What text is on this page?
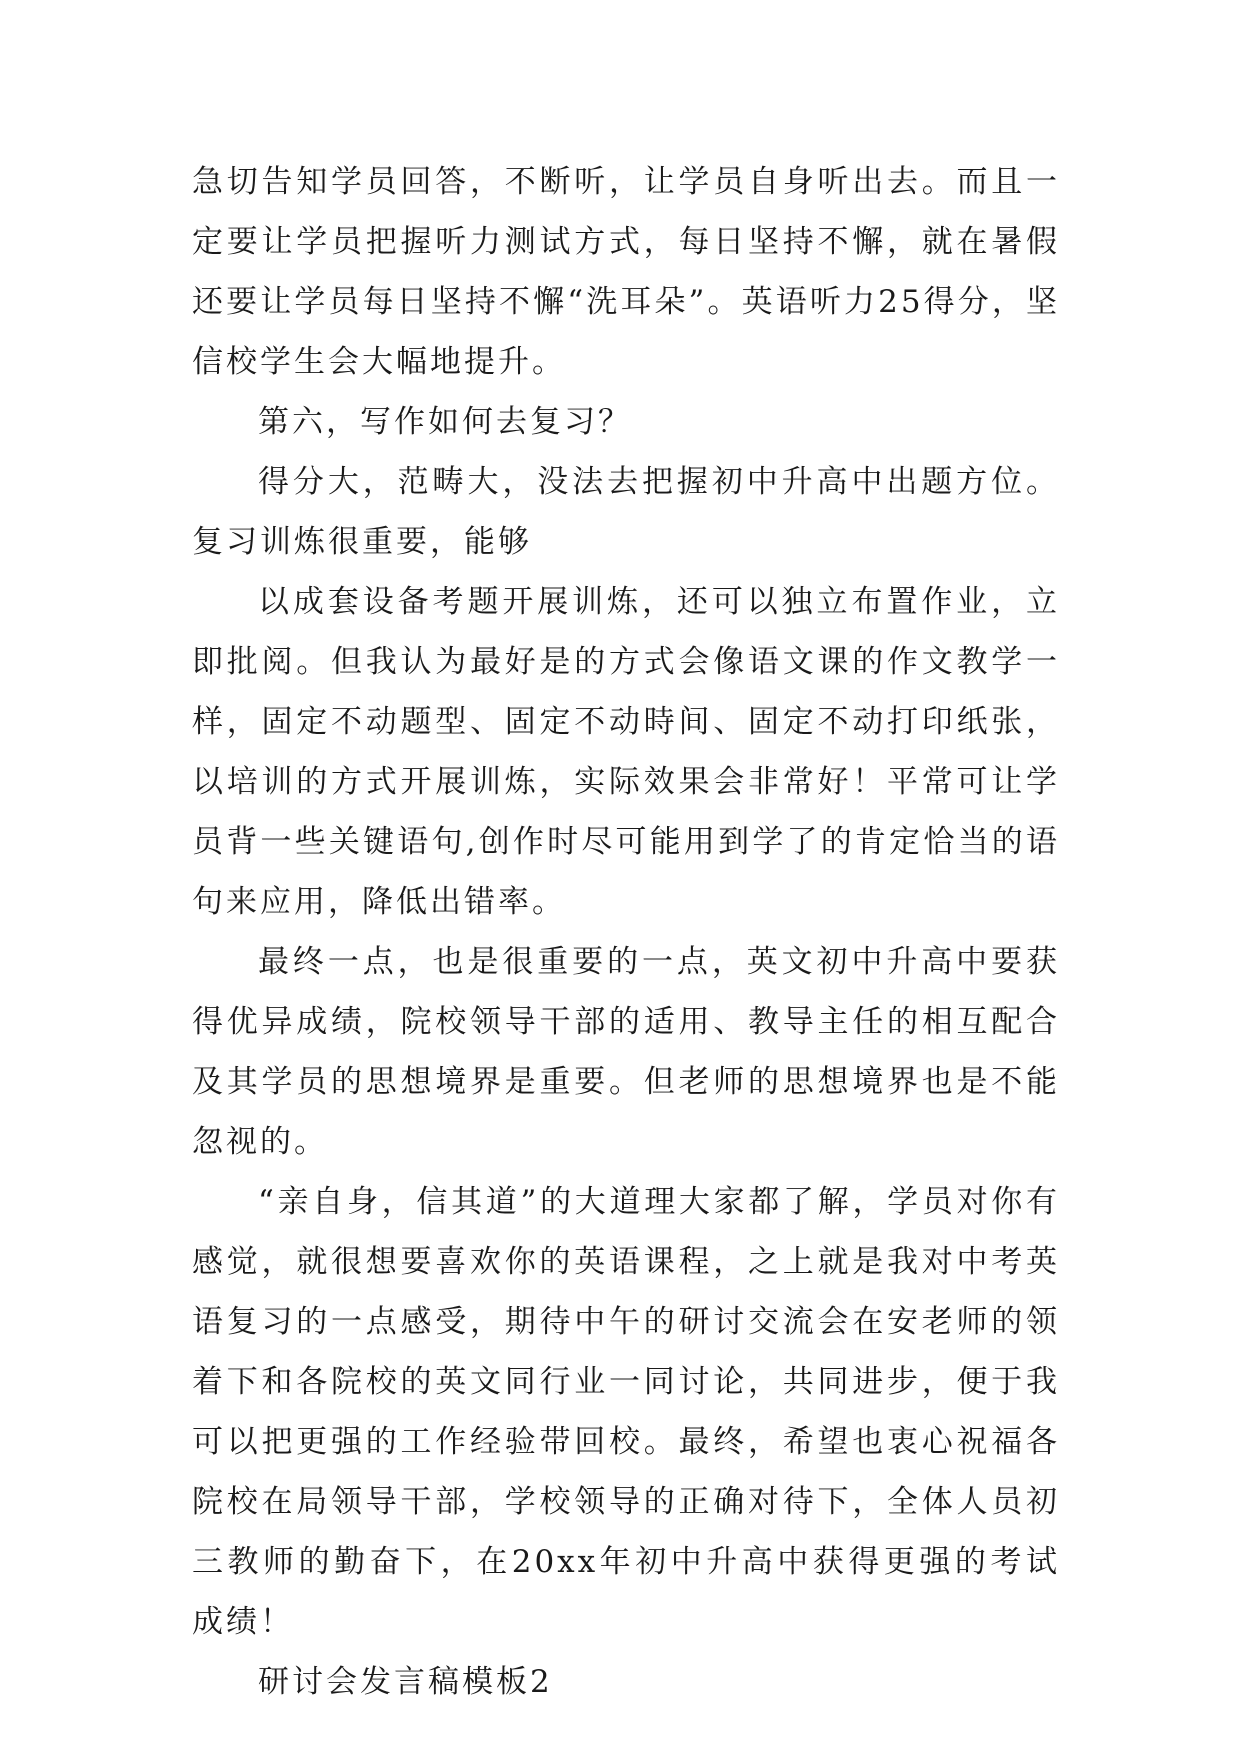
急切告知学员回答，不断听，让学员自身听出去。而且一定要让学员把握听力测试方式，每日坚持不懈，就在暑假还要让学员每日坚持不懈“洗耳朵”。英语听力25得分，坚信校学生会大幅地提升。

第六，写作如何去复习？

得分大，范畴大，没法去把握初中升高中出题方位。复习训炼很重要，能够

以成套设备考题开展训炼，还可以独立布置作业，立即批阅。但我认为最好是的方式会像语文课的作文教学一样，固定不动题型、固定不动時间、固定不动打印纸张，以培训的方式开展训炼，实际效果会非常好！平常可让学员背一些关键语句,创作时尽可能用到学了的肯定恰当的语句来应用，降低出错率。

最终一点，也是很重要的一点，英文初中升高中要获得优异成绩，院校领导干部的适用、教导主任的相互配合及其学员的思想境界是重要。但老师的思想境界也是不能忽视的。

“亲自身，信其道”的大道理大家都了解，学员对你有感觉，就很想要喜欢你的英语课程，之上就是我对中考英语复习的一点感受，期待中午的研讨交流会在安老师的领着下和各院校的英文同行业一同讨论，共同进步，便于我可以把更强的工作经验带回校。最终，希望也衷心祝福各院校在局领导干部，学校领导的正确对待下，全体人员初三教师的勤奋下，在20xx年初中升高中获得更强的考试成绩！

研讨会发言稿模板2
